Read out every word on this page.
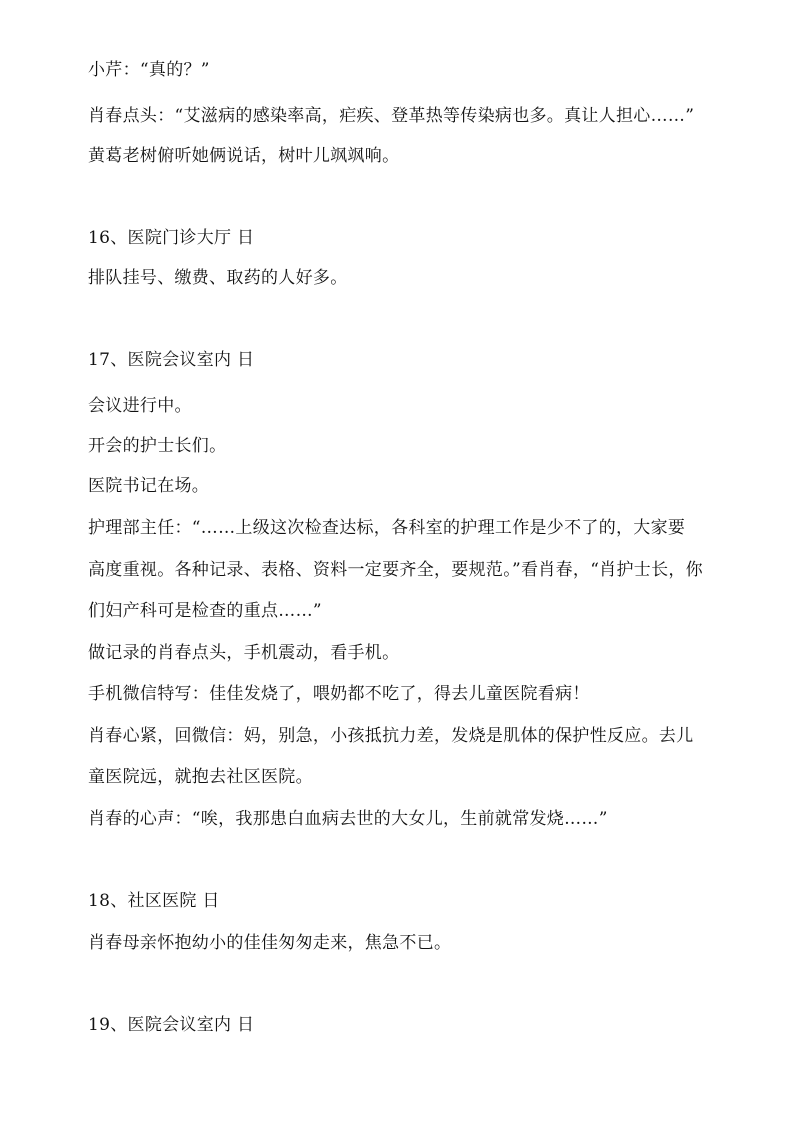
小芹：“真的？”
肖春点头：“艾滋病的感染率高，疟疾、登革热等传染病也多。真让人担心……”
黄葛老树俯听她俩说话，树叶儿飒飒响。
16、医院门诊大厅 日
排队挂号、缴费、取药的人好多。
17、医院会议室内 日
会议进行中。
开会的护士长们。
医院书记在场。
护理部主任：“……上级这次检查达标，各科室的护理工作是少不了的，大家要
高度重视。各种记录、表格、资料一定要齐全，要规范。”看肖春，“肖护士长，你
们妇产科可是检查的重点……”
做记录的肖春点头，手机震动，看手机。
手机微信特写：佳佳发烧了，喂奶都不吃了，得去儿童医院看病！
肖春心紧，回微信：妈，别急，小孩抵抗力差，发烧是肌体的保护性反应。去儿
童医院远，就抱去社区医院。
肖春的心声：“唉，我那患白血病去世的大女儿，生前就常发烧……”
18、社区医院 日
肖春母亲怀抱幼小的佳佳匆匆走来，焦急不已。
19、医院会议室内 日
